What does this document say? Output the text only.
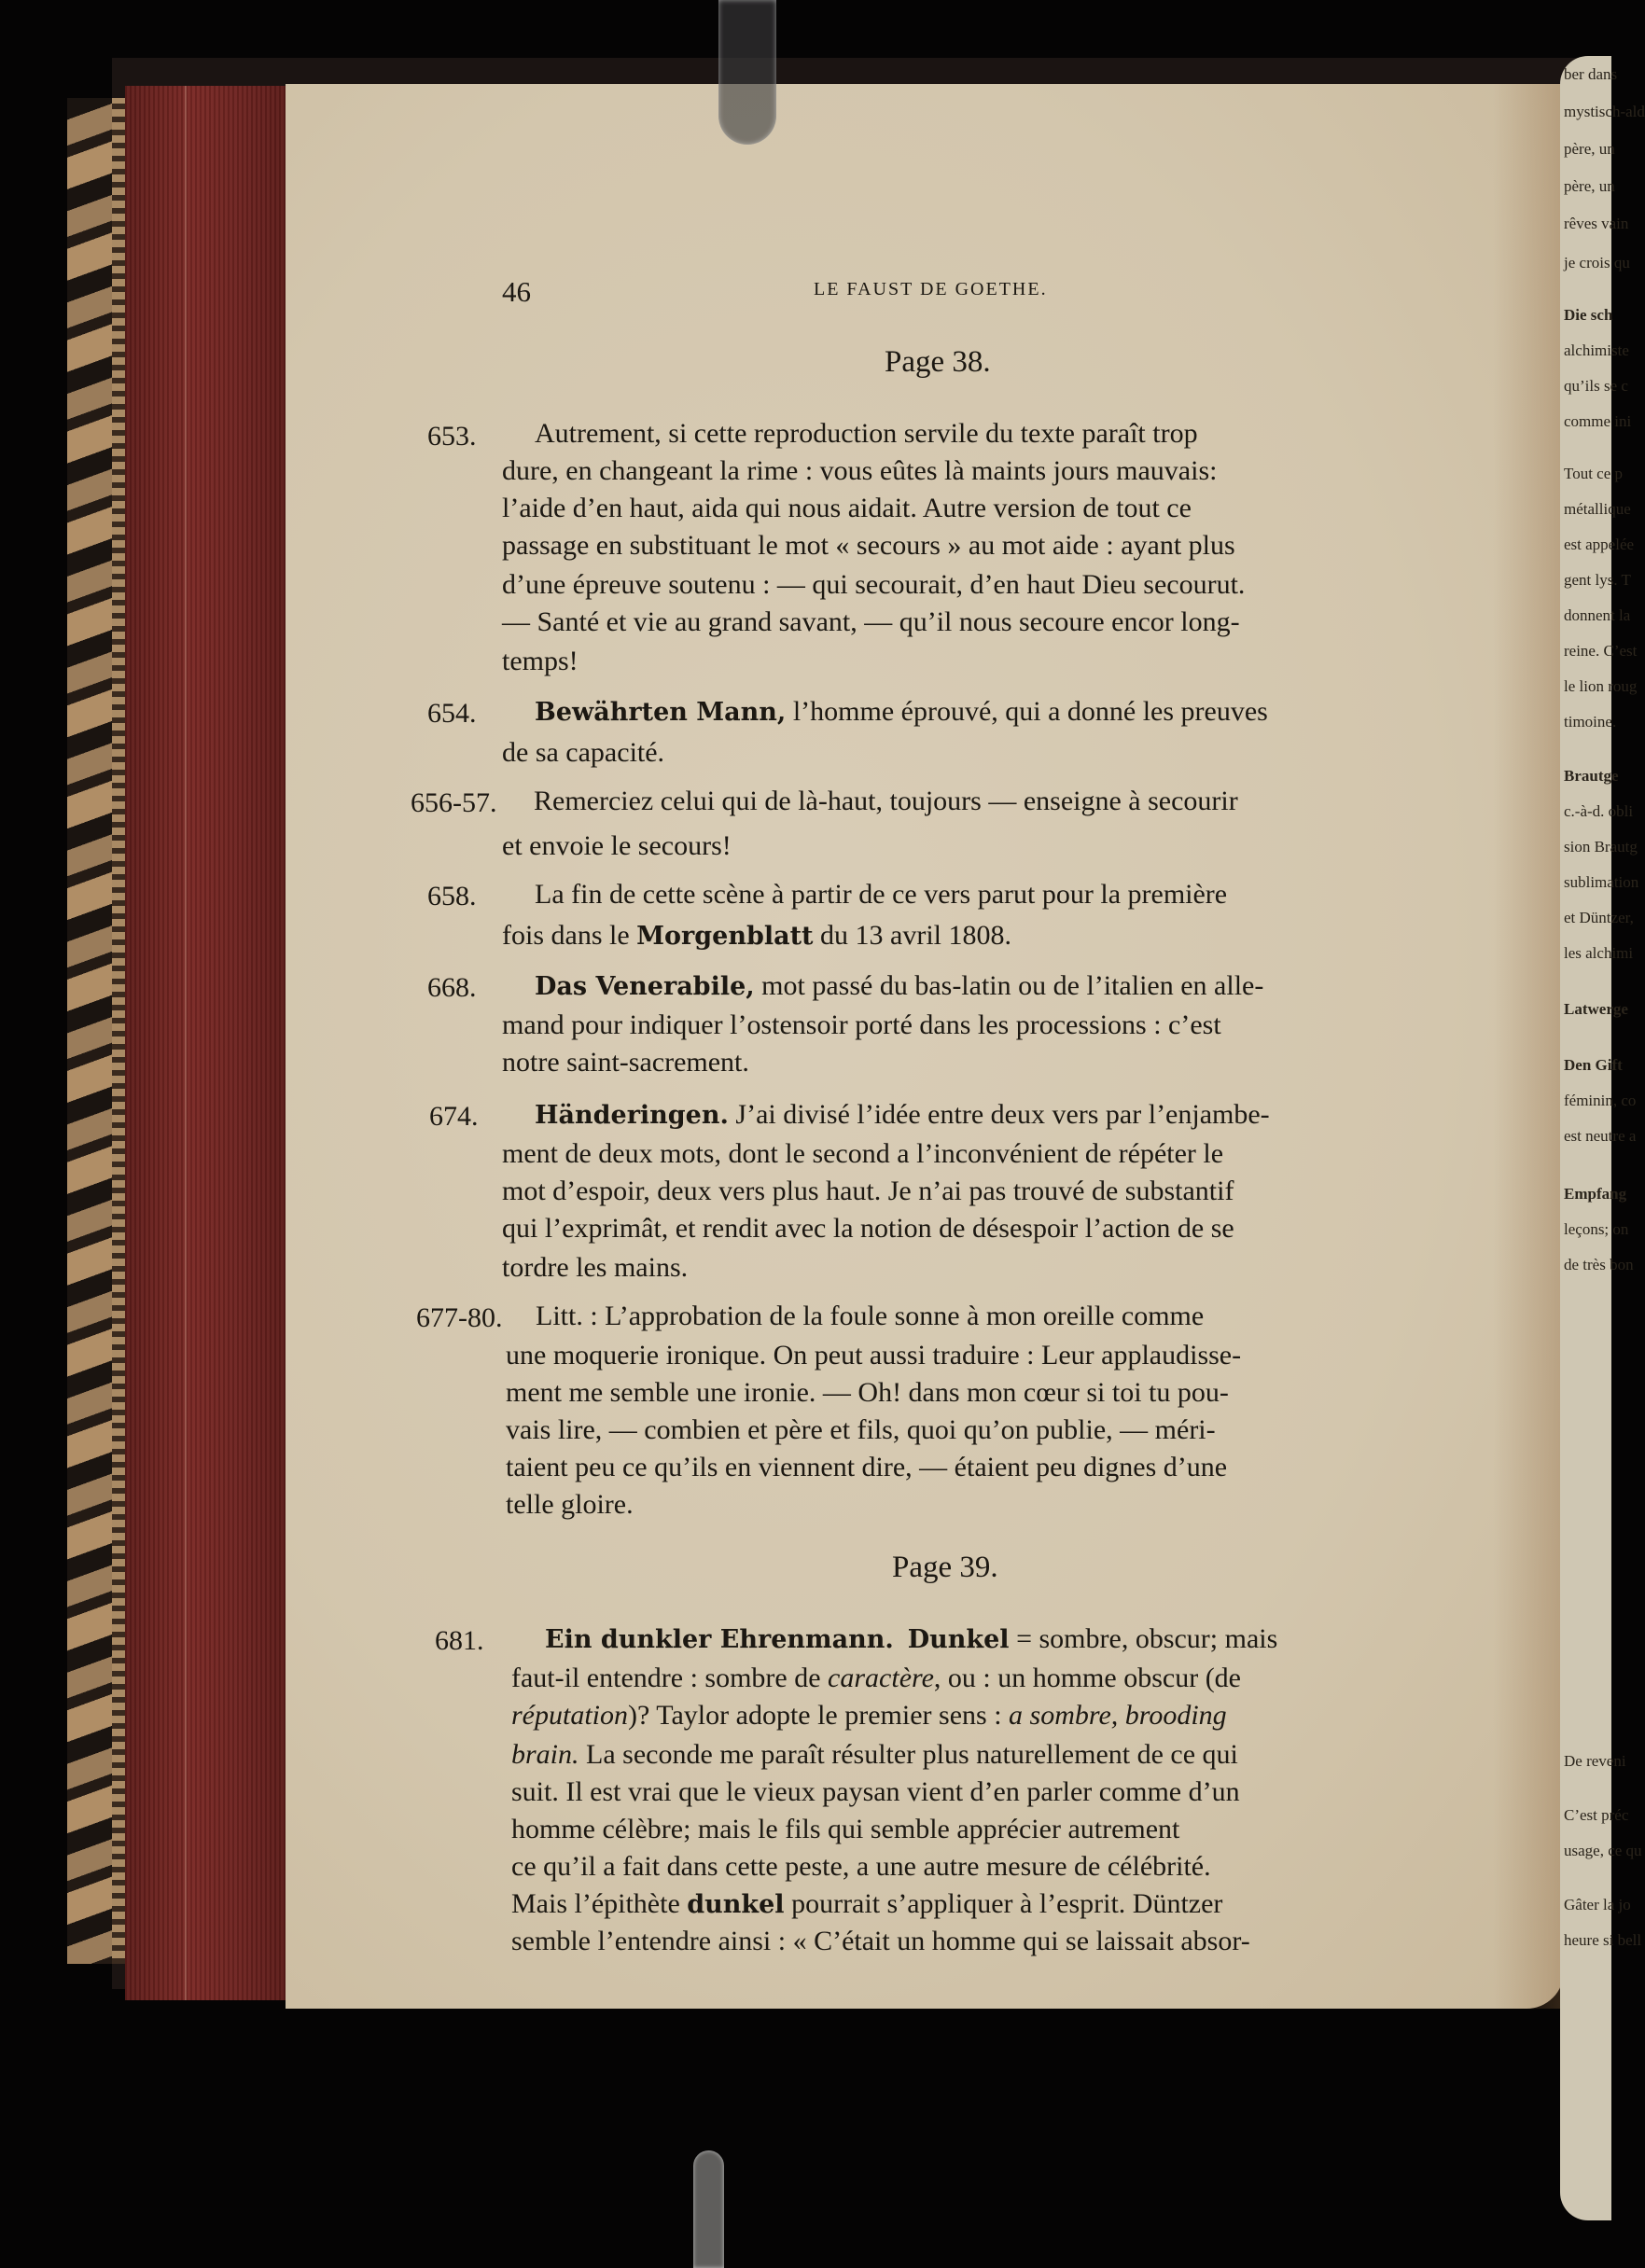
ber dans
mystisch-ald
père, un
père, un
rêves vain
je crois qu
Die sch
alchimiste
qu’ils se c
comme ini
Tout ce p
métallique
est appelée
gent lys. T
donnent la
reine. C’est
le lion roug
timoine.
Brautge
c.-à-d. obli
sion Brautg
sublimation
et Düntzer,
les alchimi
Latwerge
Den Gift
féminin, co
est neutre a
Empfang
leçons; on
de très bon
De reveni
C’est préc
usage, ce qu
Gâter la jo
heure si bell
46	LE FAUST DE GOETHE.
Page 38.
653. Autrement, si cette reproduction servile du texte paraît trop
dure, en changeant la rime : vous eûtes là maints jours mauvais:
l’aide d’en haut, aida qui nous aidait. Autre version de tout ce
passage en substituant le mot « secours » au mot aide : ayant plus
d’une épreuve soutenu : — qui secourait, d’en haut Dieu secourut.
— Santé et vie au grand savant, — qu’il nous secoure encor long-
temps!
654. Bewährten Mann, l’homme éprouvé, qui a donné les preuves
de sa capacité.
656-57. Remerciez celui qui de là-haut, toujours — enseigne à secourir
et envoie le secours!
658. La fin de cette scène à partir de ce vers parut pour la première
fois dans le Morgenblatt du 13 avril 1808.
668. Das Venerabile, mot passé du bas-latin ou de l’italien en alle-
mand pour indiquer l’ostensoir porté dans les processions : c’est
notre saint-sacrement.
674. Händeringen. J’ai divisé l’idée entre deux vers par l’enjambe-
ment de deux mots, dont le second a l’inconvénient de répéter le
mot d’espoir, deux vers plus haut. Je n’ai pas trouvé de substantif
qui l’exprimât, et rendit avec la notion de désespoir l’action de se
tordre les mains.
677-80. Litt. : L’approbation de la foule sonne à mon oreille comme
une moquerie ironique. On peut aussi traduire : Leur applaudisse-
ment me semble une ironie. — Oh! dans mon cœur si toi tu pou-
vais lire, — combien et père et fils, quoi qu’on publie, — méri-
taient peu ce qu’ils en viennent dire, — étaient peu dignes d’une
telle gloire.
Page 39.
681. Ein dunkler Ehrenmann. Dunkel = sombre, obscur; mais
faut-il entendre : sombre de caractère, ou : un homme obscur (de
réputation)? Taylor adopte le premier sens : a sombre, brooding
brain. La seconde me paraît résulter plus naturellement de ce qui
suit. Il est vrai que le vieux paysan vient d’en parler comme d’un
homme célèbre; mais le fils qui semble apprécier autrement
ce qu’il a fait dans cette peste, a une autre mesure de célébrité.
Mais l’épithète dunkel pourrait s’appliquer à l’esprit. Düntzer
semble l’entendre ainsi : « C’était un homme qui se laissait absor-
